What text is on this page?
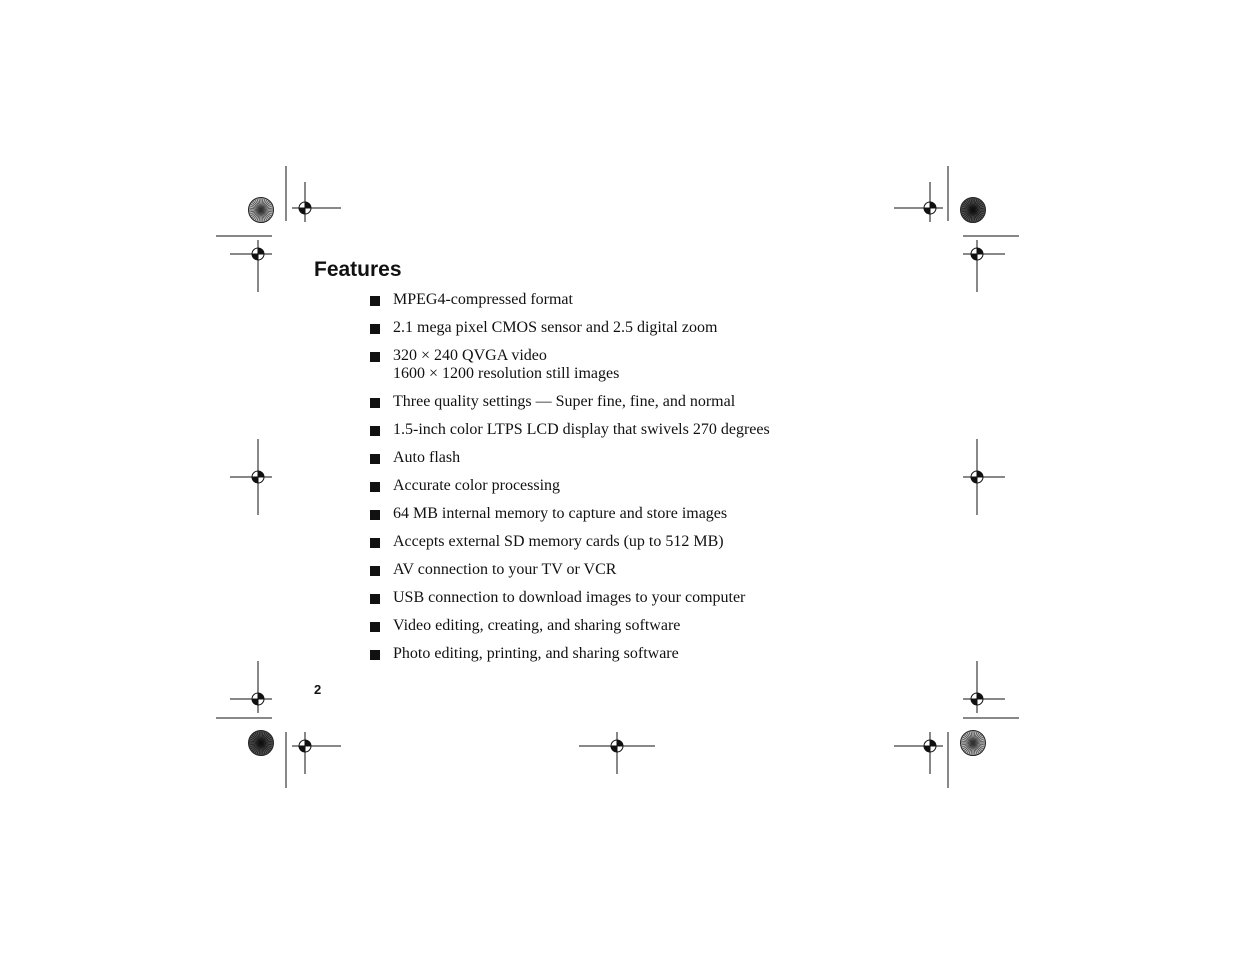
Features
MPEG4-compressed format
2.1 mega pixel CMOS sensor and 2.5 digital zoom
320 × 240 QVGA video
1600 × 1200 resolution still images
Three quality settings — Super fine, fine, and normal
1.5-inch color LTPS LCD display that swivels 270 degrees
Auto flash
Accurate color processing
64 MB internal memory to capture and store images
Accepts external SD memory cards (up to 512 MB)
AV connection to your TV or VCR
USB connection to download images to your computer
Video editing, creating, and sharing software
Photo editing, printing, and sharing software
2
